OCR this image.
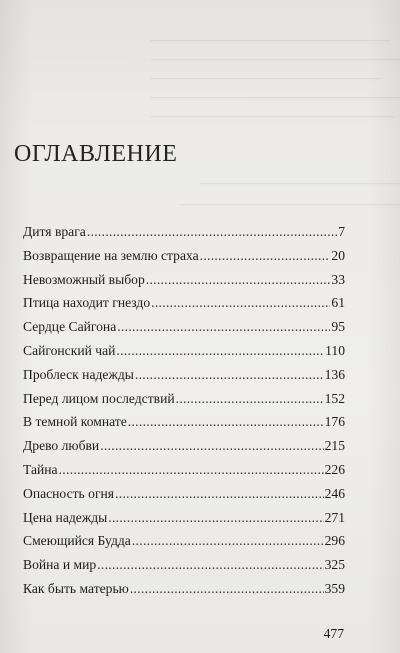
ОГЛАВЛЕНИЕ
Дитя врага .....	7
Возвращение на землю страха .....	20
Невозможный выбор .....	33
Птица находит гнездо .....	61
Сердце Сайгона .....	95
Сайгонский чай .....	110
Проблеск надежды .....	136
Перед лицом последствий .....	152
В темной комнате .....	176
Древо любви .....	215
Тайна .....	226
Опасность огня .....	246
Цена надежды .....	271
Смеющийся Будда .....	296
Война и мир .....	325
Как быть матерью .....	359
477
